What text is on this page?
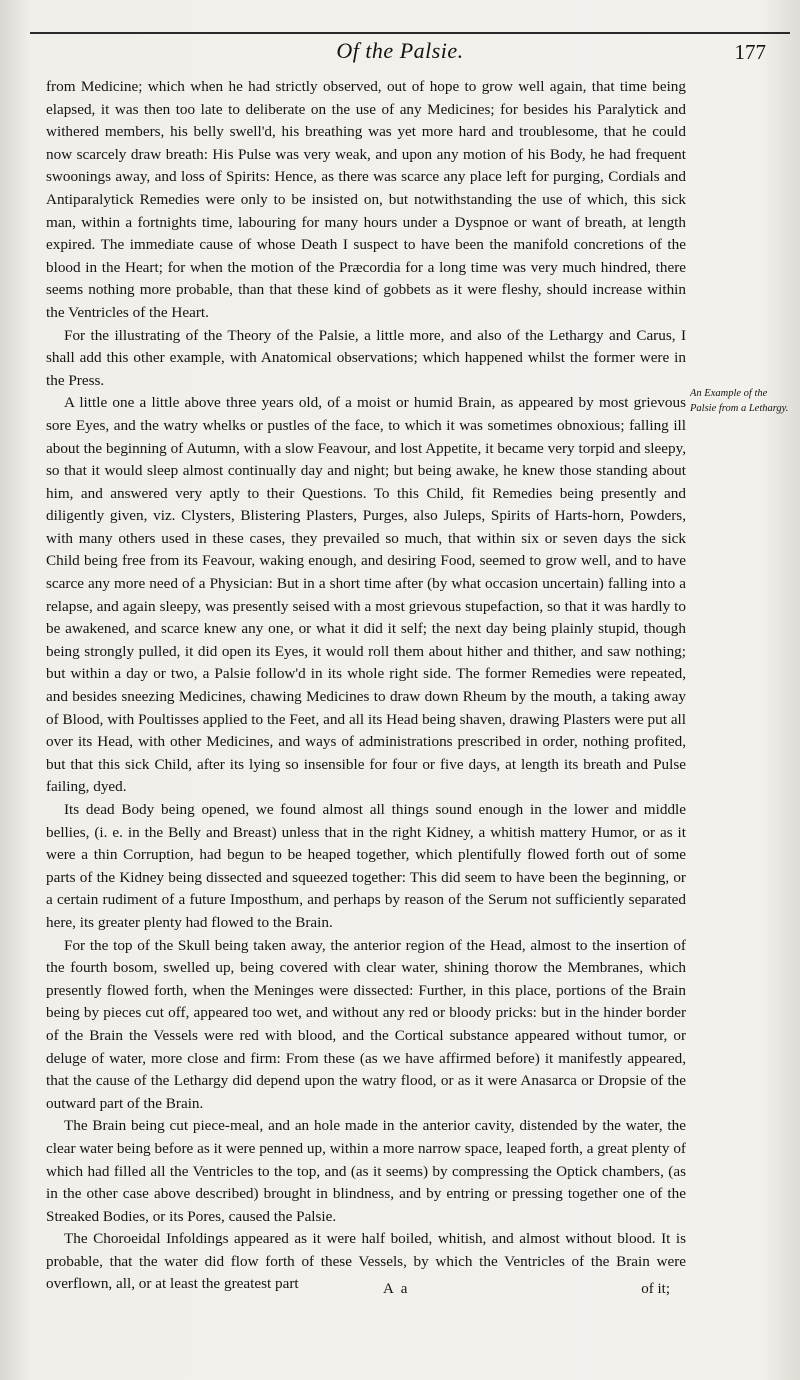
Of the Palsie.	177

from Medicine; which when he had strictly observed, out of hope to grow well again, that time being elapsed, it was then too late to deliberate on the use of any Medicines; for besides his Paralytick and withered members, his belly swell'd, his breathing was yet more hard and troublesome, that he could now scarcely draw breath: His Pulse was very weak, and upon any motion of his Body, he had frequent swoonings away, and loss of Spirits: Hence, as there was scarce any place left for purging, Cordials and Antiparalytick Remedies were only to be insisted on, but notwithstanding the use of which, this sick man, within a fortnights time, labouring for many hours under a Dyspnoe or want of breath, at length expired. The immediate cause of whose Death I suspect to have been the manifold concretions of the blood in the Heart; for when the motion of the Præcordia for a long time was very much hindred, there seems nothing more probable, than that these kind of gobbets as it were fleshy, should increase within the Ventricles of the Heart.

For the illustrating of the Theory of the Palsie, a little more, and also of the Lethargy and Carus, I shall add this other example, with Anatomical observations; which happened whilst the former were in the Press.

A little one a little above three years old, of a moist or humid Brain, as appeared by most grievous sore Eyes, and the watry whelks or pustles of the face, to which it was sometimes obnoxious; falling ill about the beginning of Autumn, with a slow Feavour, and lost Appetite, it became very torpid and sleepy, so that it would sleep almost continually day and night; but being awake, he knew those standing about him, and answered very aptly to their Questions. To this Child, fit Remedies being presently and diligently given, viz. Clysters, Blistering Plasters, Purges, also Juleps, Spirits of Harts-horn, Powders, with many others used in these cases, they prevailed so much, that within six or seven days the sick Child being free from its Feavour, waking enough, and desiring Food, seemed to grow well, and to have scarce any more need of a Physician: But in a short time after (by what occasion uncertain) falling into a relapse, and again sleepy, was presently seised with a most grievous stupefaction, so that it was hardly to be awakened, and scarce knew any one, or what it did it self; the next day being plainly stupid, though being strongly pulled, it did open its Eyes, it would roll them about hither and thither, and saw nothing; but within a day or two, a Palsie follow'd in its whole right side. The former Remedies were repeated, and besides sneezing Medicines, chawing Medicines to draw down Rheum by the mouth, a taking away of Blood, with Poultisses applied to the Feet, and all its Head being shaven, drawing Plasters were put all over its Head, with other Medicines, and ways of administrations prescribed in order, nothing profited, but that this sick Child, after its lying so insensible for four or five days, at length its breath and Pulse failing, dyed.

Its dead Body being opened, we found almost all things sound enough in the lower and middle bellies, (i. e. in the Belly and Breast) unless that in the right Kidney, a whitish mattery Humor, or as it were a thin Corruption, had begun to be heaped together, which plentifully flowed forth out of some parts of the Kidney being dissected and squeezed together: This did seem to have been the beginning, or a certain rudiment of a future Imposthum, and perhaps by reason of the Serum not sufficiently separated here, its greater plenty had flowed to the Brain.

For the top of the Skull being taken away, the anterior region of the Head, almost to the insertion of the fourth bosom, swelled up, being covered with clear water, shining thorow the Membranes, which presently flowed forth, when the Meninges were dissected: Further, in this place, portions of the Brain being by pieces cut off, appeared too wet, and without any red or bloody pricks: but in the hinder border of the Brain the Vessels were red with blood, and the Cortical substance appeared without tumor, or deluge of water, more close and firm: From these (as we have affirmed before) it manifestly appeared, that the cause of the Lethargy did depend upon the watry flood, or as it were Anasarca or Dropsie of the outward part of the Brain.

The Brain being cut piece-meal, and an hole made in the anterior cavity, distended by the water, the clear water being before as it were penned up, within a more narrow space, leaped forth, a great plenty of which had filled all the Ventricles to the top, and (as it seems) by compressing the Optick chambers, (as in the other case above described) brought in blindness, and by entring or pressing together one of the Streaked Bodies, or its Pores, caused the Palsie.

The Choroeidal Infoldings appeared as it were half boiled, whitish, and almost without blood. It is probable, that the water did flow forth of these Vessels, by which the Ventricles of the Brain were overflown, all, or at least the greatest part

An Example of the Palsie from a Lethargy.
A a	of it;
